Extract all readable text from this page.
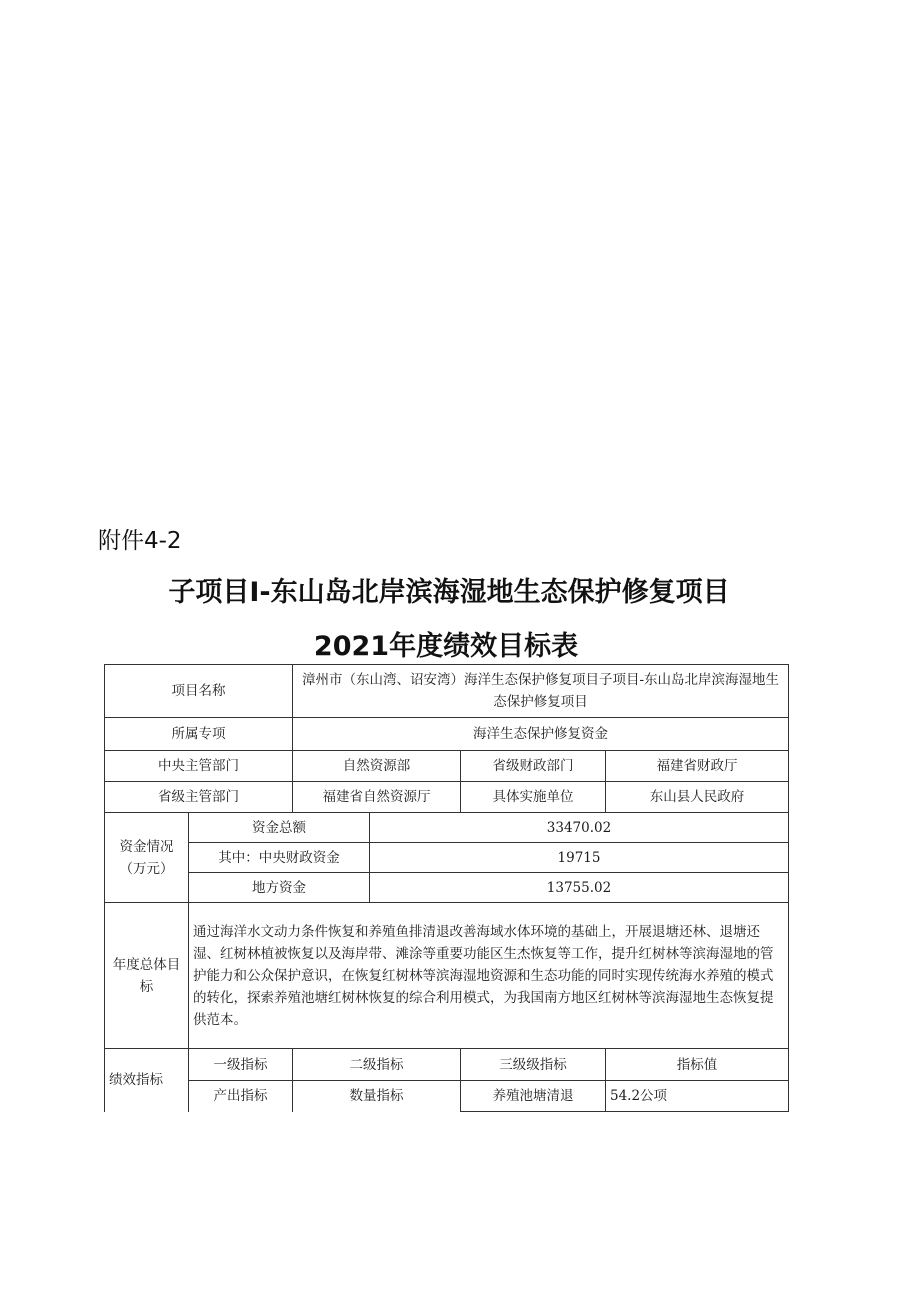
附件4-2
子项目I-东山岛北岸滨海湿地生态保护修复项目
2021年度绩效目标表
项目名称		漳州市（东山湾、诏安湾）海洋生态保护修复项目子项目-东山岛北岸滨海湿地生态保护修复项目			
所属专项		海洋生态保护修复资金			
中央主管部门		自然资源部		省级财政部门	福建省财政厅
省级主管部门		福建省自然资源厅		具体实施单位	东山县人民政府
资金情况（万元）	资金总额		33470.02		
	其中：中央财政资金		19715		
	地方资金		13755.02		
年度总体目标	通过海洋水文动力条件恢复和养殖鱼排清退改善海域水体环境的基础上，开展退塘还林、退塘还湿、红树林植被恢复以及海岸带、滩涂等重要功能区生杰恢复等工作，提升红树林等滨海湿地的管护能力和公众保护意识，在恢复红树林等滨海湿地资源和生态功能的同时实现传统海水养殖的模式的转化，探索养殖池塘红树林恢复的综合利用模式，为我国南方地区红树林等滨海湿地生态恢复提供范本。				
绩效指标	一级指标	二级指标		三级级指标	指标值
	产出指标	数量指标		养殖池塘清退	54.2公项
